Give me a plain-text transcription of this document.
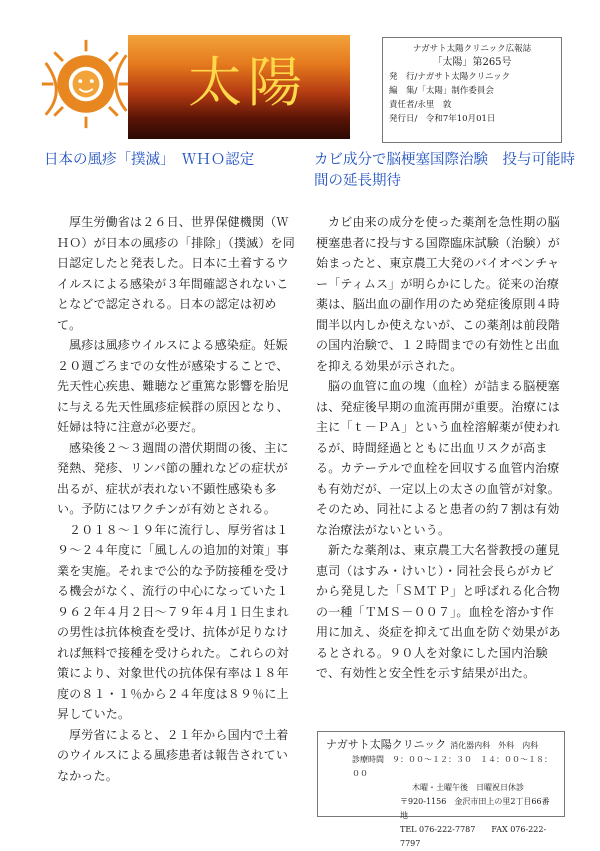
太陽
ナガサト太陽クリニック広報誌
「太陽」第265号
発　行/ナガサト太陽クリニック
編　集/「太陽」制作委員会
責任者/永里　敦
発行日/　令和7年10月01日
日本の風疹「撲滅」　ＷＨＯ認定

厚生労働省は２６日、世界保健機関（ＷＨＯ）が日本の風疹の「排除」（撲滅）を同日認定したと発表した。日本に土着するウイルスによる感染が３年間確認されないことなどで認定される。日本の認定は初めて。

風疹は風疹ウイルスによる感染症。妊娠２０週ごろまでの女性が感染することで、先天性心疾患、難聴など重篤な影響を胎児に与える先天性風疹症候群の原因となり、妊婦は特に注意が必要だ。

感染後２～３週間の潜伏期間の後、主に発熱、発疹、リンパ節の腫れなどの症状が出るが、症状が表れない不顕性感染も多い。予防にはワクチンが有効とされる。

２０１８～１９年に流行し、厚労省は１９～２４年度に「風しんの追加的対策」事業を実施。それまで公的な予防接種を受ける機会がなく、流行の中心になっていた１９６２年４月２日～７９年４月１日生まれの男性は抗体検査を受け、抗体が足りなければ無料で接種を受けられた。これらの対策により、対象世代の抗体保有率は１８年度の８１・１％から２４年度は８９％に上昇していた。

厚労省によると、２１年から国内で土着のウイルスによる風疹患者は報告されていなかった。

カビ成分で脳梗塞国際治験　投与可能時間の延長期待

カビ由来の成分を使った薬剤を急性期の脳梗塞患者に投与する国際臨床試験（治験）が始まったと、東京農工大発のバイオベンチャー「ティムス」が明らかにした。従来の治療薬は、脳出血の副作用のため発症後原則４時間半以内しか使えないが、この薬剤は前段階の国内治験で、１２時間までの有効性と出血を抑える効果が示された。

脳の血管に血の塊（血栓）が詰まる脳梗塞は、発症後早期の血流再開が重要。治療には主に「ｔ－ＰＡ」という血栓溶解薬が使われるが、時間経過とともに出血リスクが高まる。カテーテルで血栓を回収する血管内治療も有効だが、一定以上の太さの血管が対象。そのため、同社によると患者の約７割は有効な治療法がないという。

新たな薬剤は、東京農工大名誉教授の蓮見恵司（はすみ・けいじ）・同社会長らがカビから発見した「ＳＭＴＰ」と呼ばれる化合物の一種「ＴＭＳ－００７」。血栓を溶かす作用に加え、炎症を抑えて出血を防ぐ効果があるとされる。９０人を対象にした国内治験で、有効性と安全性を示す結果が出た。

ナガサト太陽クリニック 消化器内科　外科　内科
診療時間　９：００～１２：３０　１４：００～１８：００
木曜・土曜午後　日曜祝日休診
〒920-1156　金沢市田上の里2丁目66番地
TEL 076-222-7787　　FAX 076-222-7797
